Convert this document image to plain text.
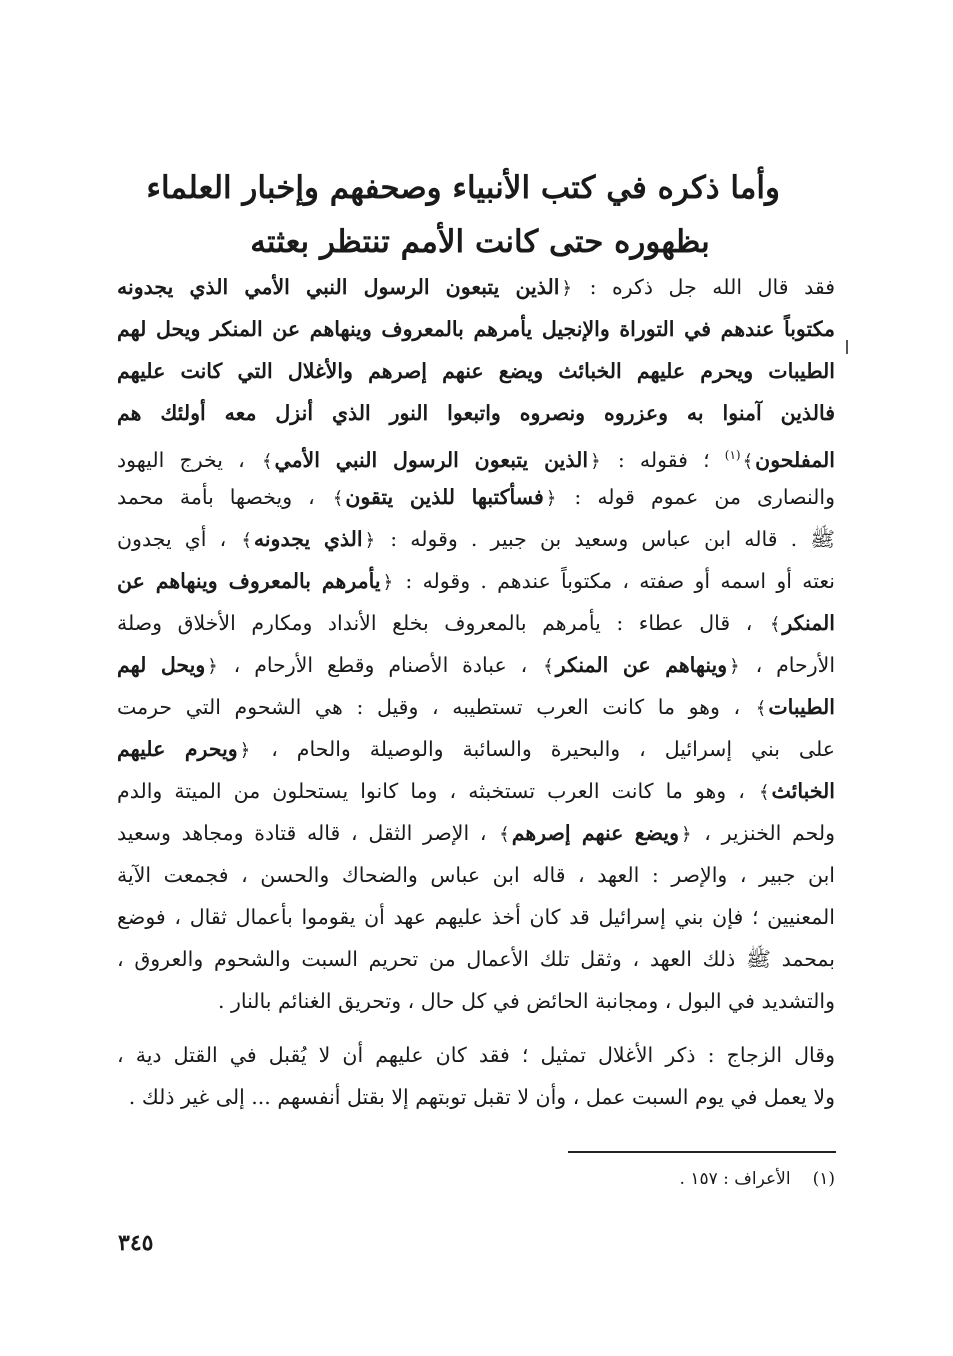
وأما ذكره في كتب الأنبياء وصحفهم وإخبار العلماء
بظهوره حتى كانت الأمم تنتظر بعثته
فقد قال الله جل ذكره : ﴿الذين يتبعون الرسول النبي الأمي الذي يجدونه
مكتوباً عندهم في التوراة والإنجيل يأمرهم بالمعروف وينهاهم عن المنكر ويحل لهم
الطيبات ويحرم عليهم الخبائث ويضع عنهم إصرهم والأغلال التي كانت عليهم
فالذين آمنوا به وعزروه ونصروه واتبعوا النور الذي أنزل معه أولئك هم
المفلحون﴾$^{(١)}$ ؛ فقوله : ﴿الذين يتبعون الرسول النبي الأمي﴾ ، يخرج اليهود
والنصارى من عموم قوله : ﴿فسأكتبها للذين يتقون﴾ ، ويخصها بأمة محمد
ﷺ . قاله ابن عباس وسعيد بن جبير . وقوله : ﴿الذي يجدونه﴾ ، أي يجدون
نعته أو اسمه أو صفته ، مكتوباً عندهم . وقوله : ﴿يأمرهم بالمعروف وينهاهم عن
المنكر﴾ ، قال عطاء : يأمرهم بالمعروف بخلع الأنداد ومكارم الأخلاق وصلة
الأرحام ، ﴿وينهاهم عن المنكر﴾ ، عبادة الأصنام وقطع الأرحام ، ﴿ويحل لهم
الطيبات﴾ ، وهو ما كانت العرب تستطيبه ، وقيل : هي الشحوم التي حرمت
على بني إسرائيل ، والبحيرة والسائبة والوصيلة والحام ، ﴿ويحرم عليهم
الخبائث﴾ ، وهو ما كانت العرب تستخبثه ، وما كانوا يستحلون من الميتة والدم
ولحم الخنزير ، ﴿ويضع عنهم إصرهم﴾ ، الإصر الثقل ، قاله قتادة ومجاهد وسعيد
ابن جبير ، والإصر : العهد ، قاله ابن عباس والضحاك والحسن ، فجمعت الآية
المعنيين ؛ فإن بني إسرائيل قد كان أخذ عليهم عهد أن يقوموا بأعمال ثقال ، فوضع
بمحمد ﷺ ذلك العهد ، وثقل تلك الأعمال من تحريم السبت والشحوم والعروق ،
والتشديد في البول ، ومجانبة الحائض في كل حال ، وتحريق الغنائم بالنار .
وقال الزجاج : ذكر الأغلال تمثيل ؛ فقد كان عليهم أن لا يُقبل في القتل دية ،
ولا يعمل في يوم السبت عمل ، وأن لا تقبل توبتهم إلا بقتل أنفسهم ... إلى غير ذلك .
(١)الأعراف : ١٥٧ .
٣٤٥
